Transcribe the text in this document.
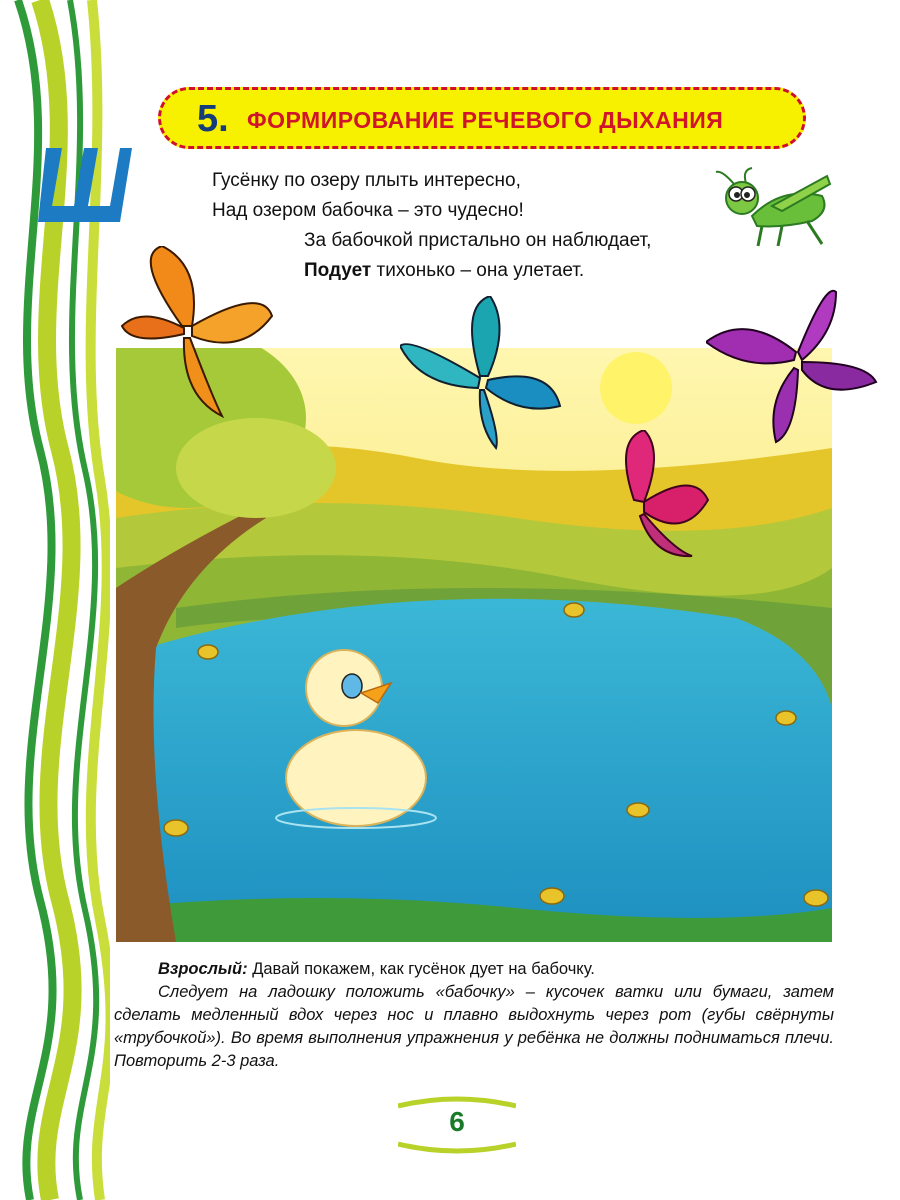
5. ФОРМИРОВАНИЕ РЕЧЕВОГО ДЫХАНИЯ
Гусёнку по озеру плыть интересно,
Над озером бабочка – это чудесно!
За бабочкой пристально он наблюдает,
Подует тихонько – она улетает.

Взрослый: Давай покажем, как гусёнок дует на бабочку.

Следует на ладошку положить «бабочку» – кусочек ватки или бумаги, затем сделать медленный вдох через нос и плавно выдохнуть через рот (губы свёрнуты «трубочкой»). Во время выполнения упражнения у ребёнка не должны подниматься плечи. Повторить 2-3 раза.

6
